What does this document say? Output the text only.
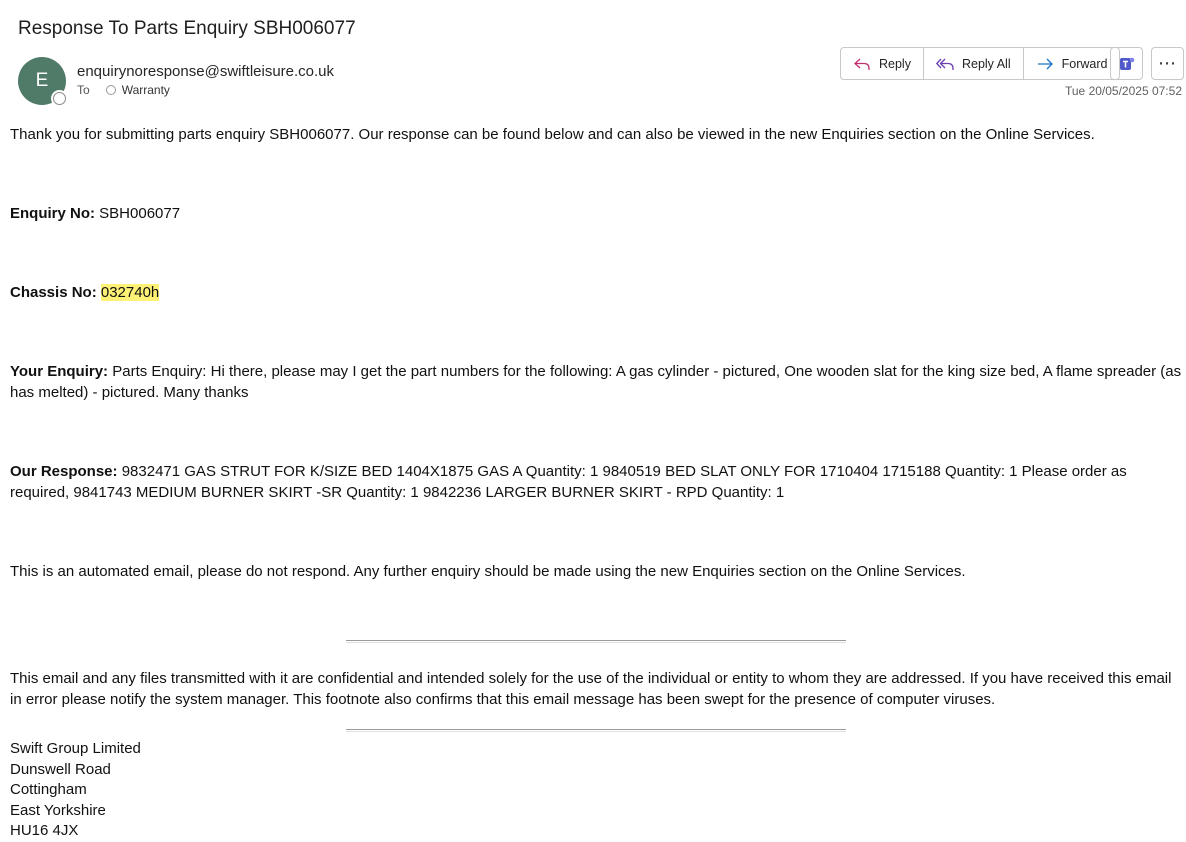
Response To Parts Enquiry SBH006077
E	enquirynoresponse@swiftleisure.co.uk
To	Warranty
Reply	Reply All	Forward	⋯
Tue 20/05/2025 07:52

Thank you for submitting parts enquiry SBH006077. Our response can be found below and can also be viewed in the new Enquiries section on the Online Services.

Enquiry No: SBH006077

Chassis No: 032740h

Your Enquiry: Parts Enquiry: Hi there, please may I get the part numbers for the following: A gas cylinder - pictured, One wooden slat for the king size bed, A flame spreader (as has melted) - pictured. Many thanks

Our Response: 9832471 GAS STRUT FOR K/SIZE BED 1404X1875 GAS A Quantity: 1 9840519 BED SLAT ONLY FOR 1710404 1715188 Quantity: 1 Please order as required, 9841743 MEDIUM BURNER SKIRT -SR Quantity: 1 9842236 LARGER BURNER SKIRT - RPD Quantity: 1

This is an automated email, please do not respond. Any further enquiry should be made using the new Enquiries section on the Online Services.

This email and any files transmitted with it are confidential and intended solely for the use of the individual or entity to whom they are addressed. If you have received this email in error please notify the system manager. This footnote also confirms that this email message has been swept for the presence of computer viruses.

Swift Group Limited
Dunswell Road
Cottingham
East Yorkshire
HU16 4JX
